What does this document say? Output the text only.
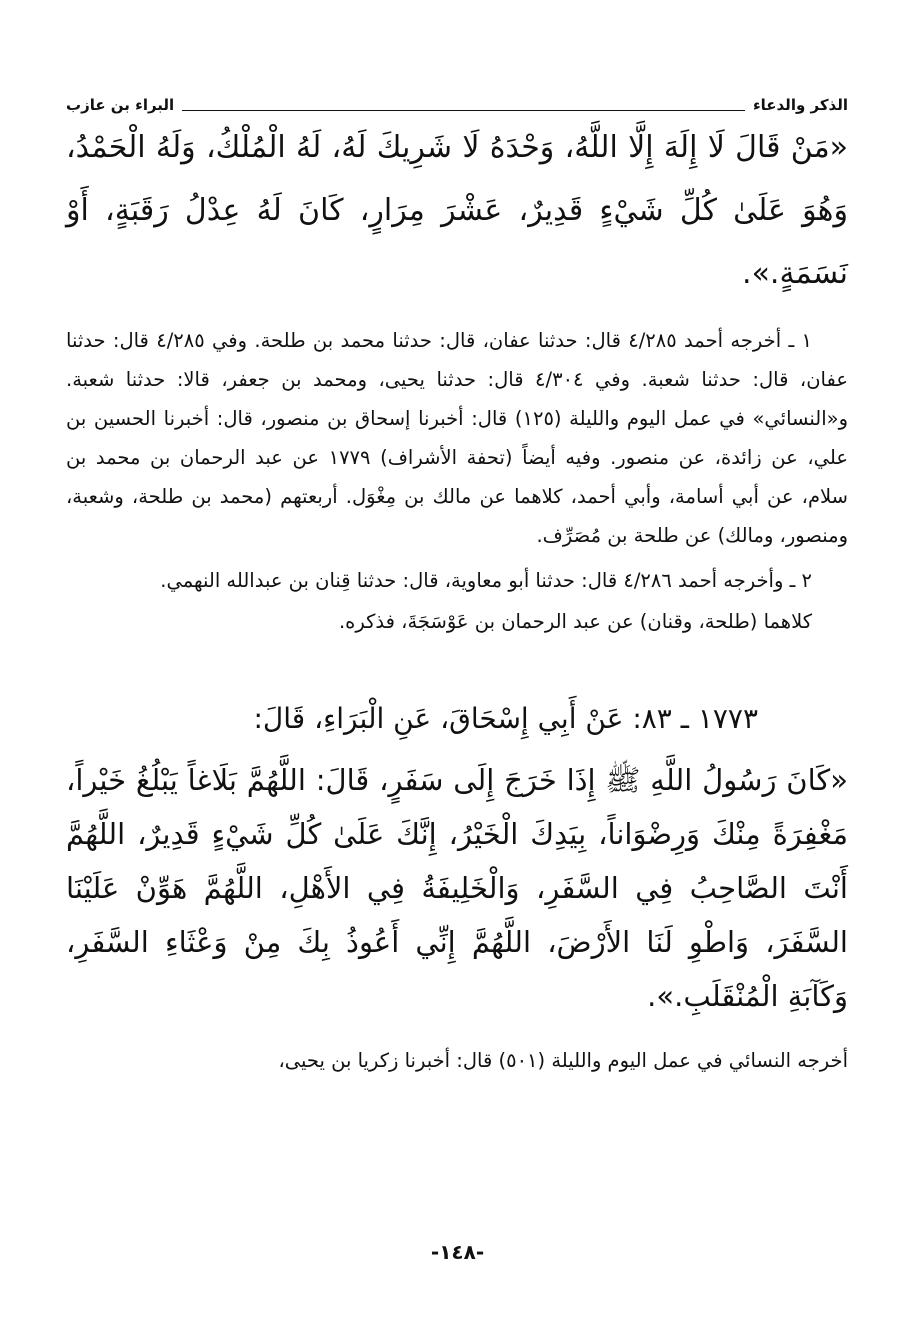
الذكر والدعاء
البراء بن عازب

«مَنْ قَالَ لَا إِلَهَ إِلَّا اللَّهُ، وَحْدَهُ لَا شَرِيكَ لَهُ، لَهُ الْمُلْكُ، وَلَهُ الْحَمْدُ، وَهُوَ عَلَىٰ كُلِّ شَيْءٍ قَدِيرٌ، عَشْرَ مِرَارٍ، كَانَ لَهُ عِدْلُ رَقَبَةٍ، أَوْ نَسَمَةٍ.».

١ ـ أخرجه أحمد ٤/٢٨٥ قال: حدثنا عفان، قال: حدثنا محمد بن طلحة. وفي ٤/٢٨٥ قال: حدثنا عفان، قال: حدثنا شعبة. وفي ٤/٣٠٤ قال: حدثنا يحيى، ومحمد بن جعفر، قالا: حدثنا شعبة. و«النسائي» في عمل اليوم والليلة (١٢٥) قال: أخبرنا إسحاق بن منصور، قال: أخبرنا الحسين بن علي، عن زائدة، عن منصور. وفيه أيضاً (تحفة الأشراف) ١٧٧٩ عن عبد الرحمان بن محمد بن سلام، عن أبي أسامة، وأبي أحمد، كلاهما عن مالك بن مِغْوَل. أربعتهم (محمد بن طلحة، وشعبة، ومنصور، ومالك) عن طلحة بن مُصَرِّف.

٢ ـ وأخرجه أحمد ٤/٢٨٦ قال: حدثنا أبو معاوية، قال: حدثنا قِنان بن عبدالله النهمي.

كلاهما (طلحة، وقنان) عن عبد الرحمان بن عَوْسَجَةَ، فذكره.

١٧٧٣ ـ ٨٣: عَنْ أَبِي إِسْحَاقَ، عَنِ الْبَرَاءِ، قَالَ:

«كَانَ رَسُولُ اللَّهِ ﷺ إِذَا خَرَجَ إِلَى سَفَرٍ، قَالَ: اللَّهُمَّ بَلَاغاً يَبْلُغُ خَيْراً، مَغْفِرَةً مِنْكَ وَرِضْوَاناً، بِيَدِكَ الْخَيْرُ، إِنَّكَ عَلَىٰ كُلِّ شَيْءٍ قَدِيرٌ، اللَّهُمَّ أَنْتَ الصَّاحِبُ فِي السَّفَرِ، وَالْخَلِيفَةُ فِي الأَهْلِ، اللَّهُمَّ هَوِّنْ عَلَيْنَا السَّفَرَ، وَاطْوِ لَنَا الأَرْضَ، اللَّهُمَّ إِنِّي أَعُوذُ بِكَ مِنْ وَعْثَاءِ السَّفَرِ، وَكَآبَةِ الْمُنْقَلَبِ.».

أخرجه النسائي في عمل اليوم والليلة (٥٠١) قال: أخبرنا زكريا بن يحيى،

-١٤٨-
